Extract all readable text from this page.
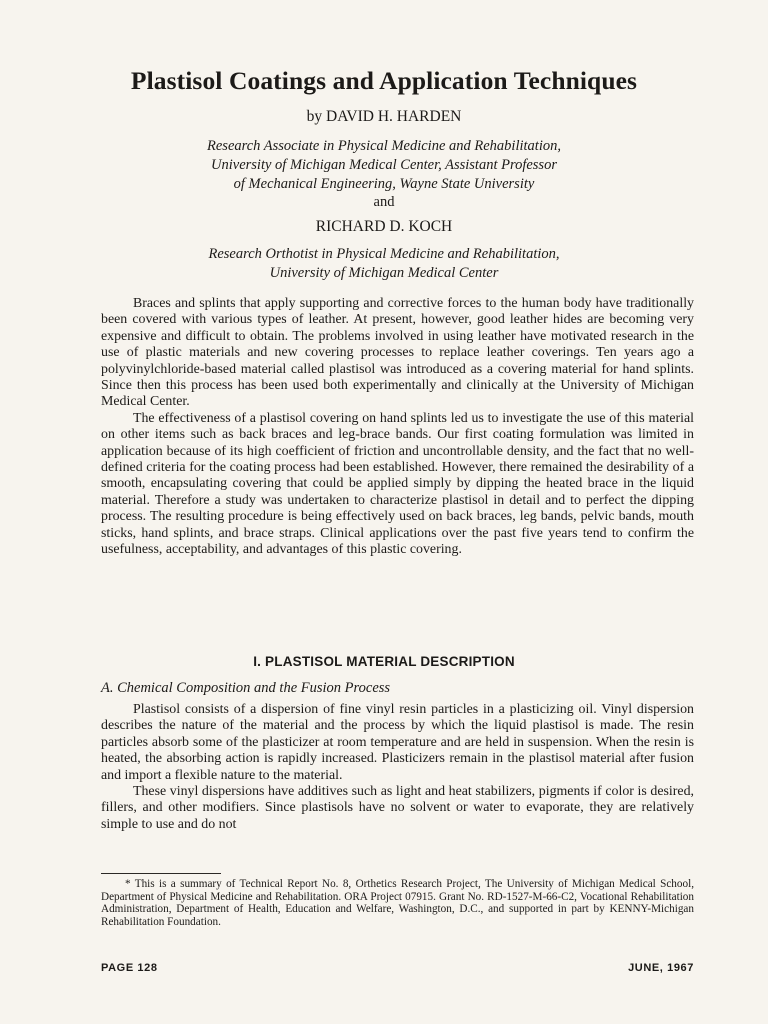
Plastisol Coatings and Application Techniques
by DAVID H. HARDEN
Research Associate in Physical Medicine and Rehabilitation,
University of Michigan Medical Center, Assistant Professor
of Mechanical Engineering, Wayne State University
and
RICHARD D. KOCH
Research Orthotist in Physical Medicine and Rehabilitation,
University of Michigan Medical Center

Braces and splints that apply supporting and corrective forces to the human body have traditionally been covered with various types of leather. At present, however, good leather hides are becoming very expensive and difficult to obtain. The problems involved in using leather have motivated research in the use of plastic materials and new covering processes to replace leather coverings. Ten years ago a polyvinylchloride-based material called plastisol was introduced as a covering material for hand splints. Since then this process has been used both experimentally and clinically at the University of Michigan Medical Center.

The effectiveness of a plastisol covering on hand splints led us to investigate the use of this material on other items such as back braces and leg-brace bands. Our first coating formulation was limited in application because of its high coefficient of friction and uncontrollable density, and the fact that no well-defined criteria for the coating process had been established. However, there remained the desirability of a smooth, encapsulating covering that could be applied simply by dipping the heated brace in the liquid material. Therefore a study was undertaken to characterize plastisol in detail and to perfect the dipping process. The resulting procedure is being effectively used on back braces, leg bands, pelvic bands, mouth sticks, hand splints, and brace straps. Clinical applications over the past five years tend to confirm the usefulness, acceptability, and advantages of this plastic covering.

I. PLASTISOL MATERIAL DESCRIPTION
A. Chemical Composition and the Fusion Process

Plastisol consists of a dispersion of fine vinyl resin particles in a plasticizing oil. Vinyl dispersion describes the nature of the material and the process by which the liquid plastisol is made. The resin particles absorb some of the plasticizer at room temperature and are held in suspension. When the resin is heated, the absorbing action is rapidly increased. Plasticizers remain in the plastisol material after fusion and import a flexible nature to the material.

These vinyl dispersions have additives such as light and heat stabilizers, pigments if color is desired, fillers, and other modifiers. Since plastisols have no solvent or water to evaporate, they are relatively simple to use and do not

* This is a summary of Technical Report No. 8, Orthetics Research Project, The University of Michigan Medical School, Department of Physical Medicine and Rehabilitation. ORA Project 07915. Grant No. RD-1527-M-66-C2, Vocational Rehabilitation Administration, Department of Health, Education and Welfare, Washington, D.C., and supported in part by KENNY-Michigan Rehabilitation Foundation.

PAGE 128	JUNE, 1967
